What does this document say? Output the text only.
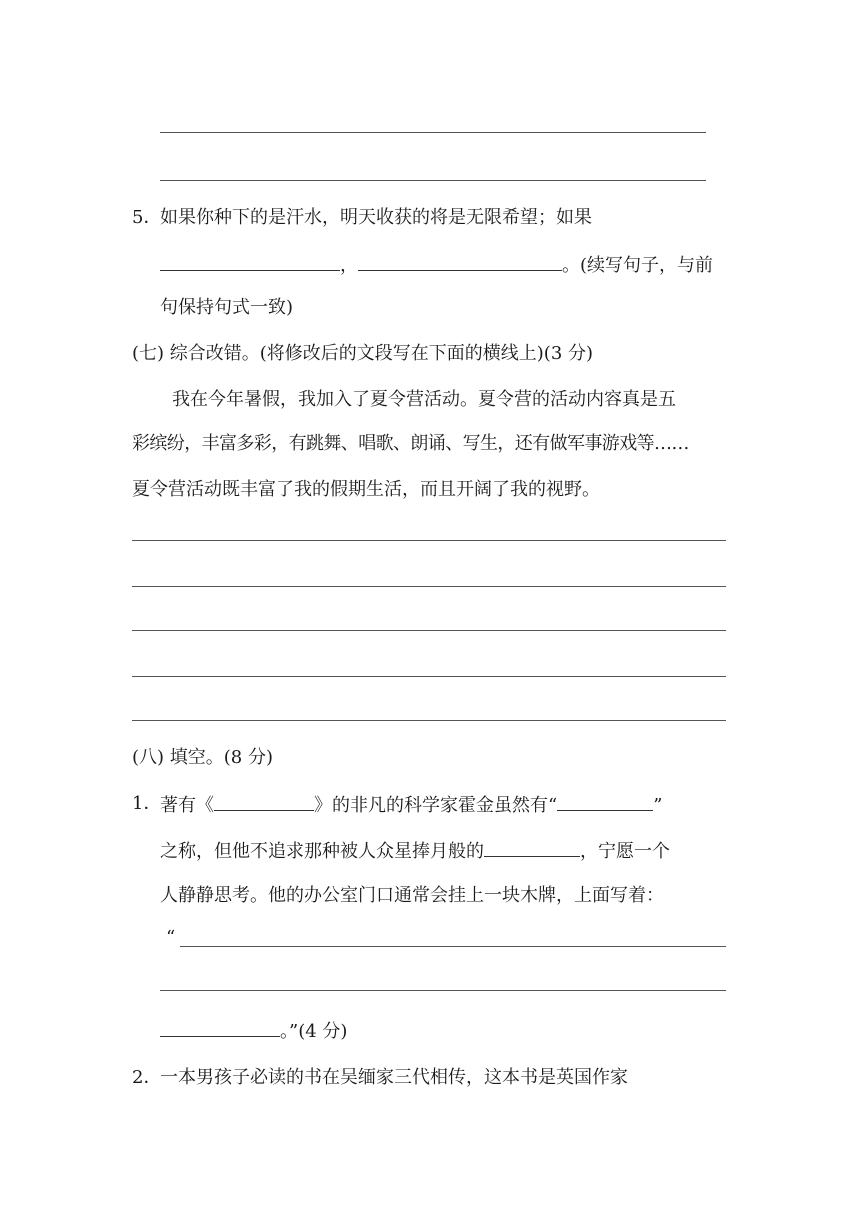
5．
如果你种下的是汗水，明天收获的将是无限希望；如果
，	。(续写句子，与前
句保持句式一致)
(七) 综合改错。(将修改后的文段写在下面的横线上)(3 分)
我在今年暑假，我加入了夏令营活动。夏令营的活动内容真是五
彩缤纷，丰富多彩，有跳舞、唱歌、朗诵、写生，还有做军事游戏等……
夏令营活动既丰富了我的假期生活，而且开阔了我的视野。
(八) 填空。(8 分)
1．
著有《	》的非凡的科学家霍金虽然有“	”
之称，但他不追求那种被人众星捧月般的	，宁愿一个
人静静思考。他的办公室门口通常会挂上一块木牌，上面写着：
“
。”(4 分)
2．
一本男孩子必读的书在吴缅家三代相传，这本书是英国作家
